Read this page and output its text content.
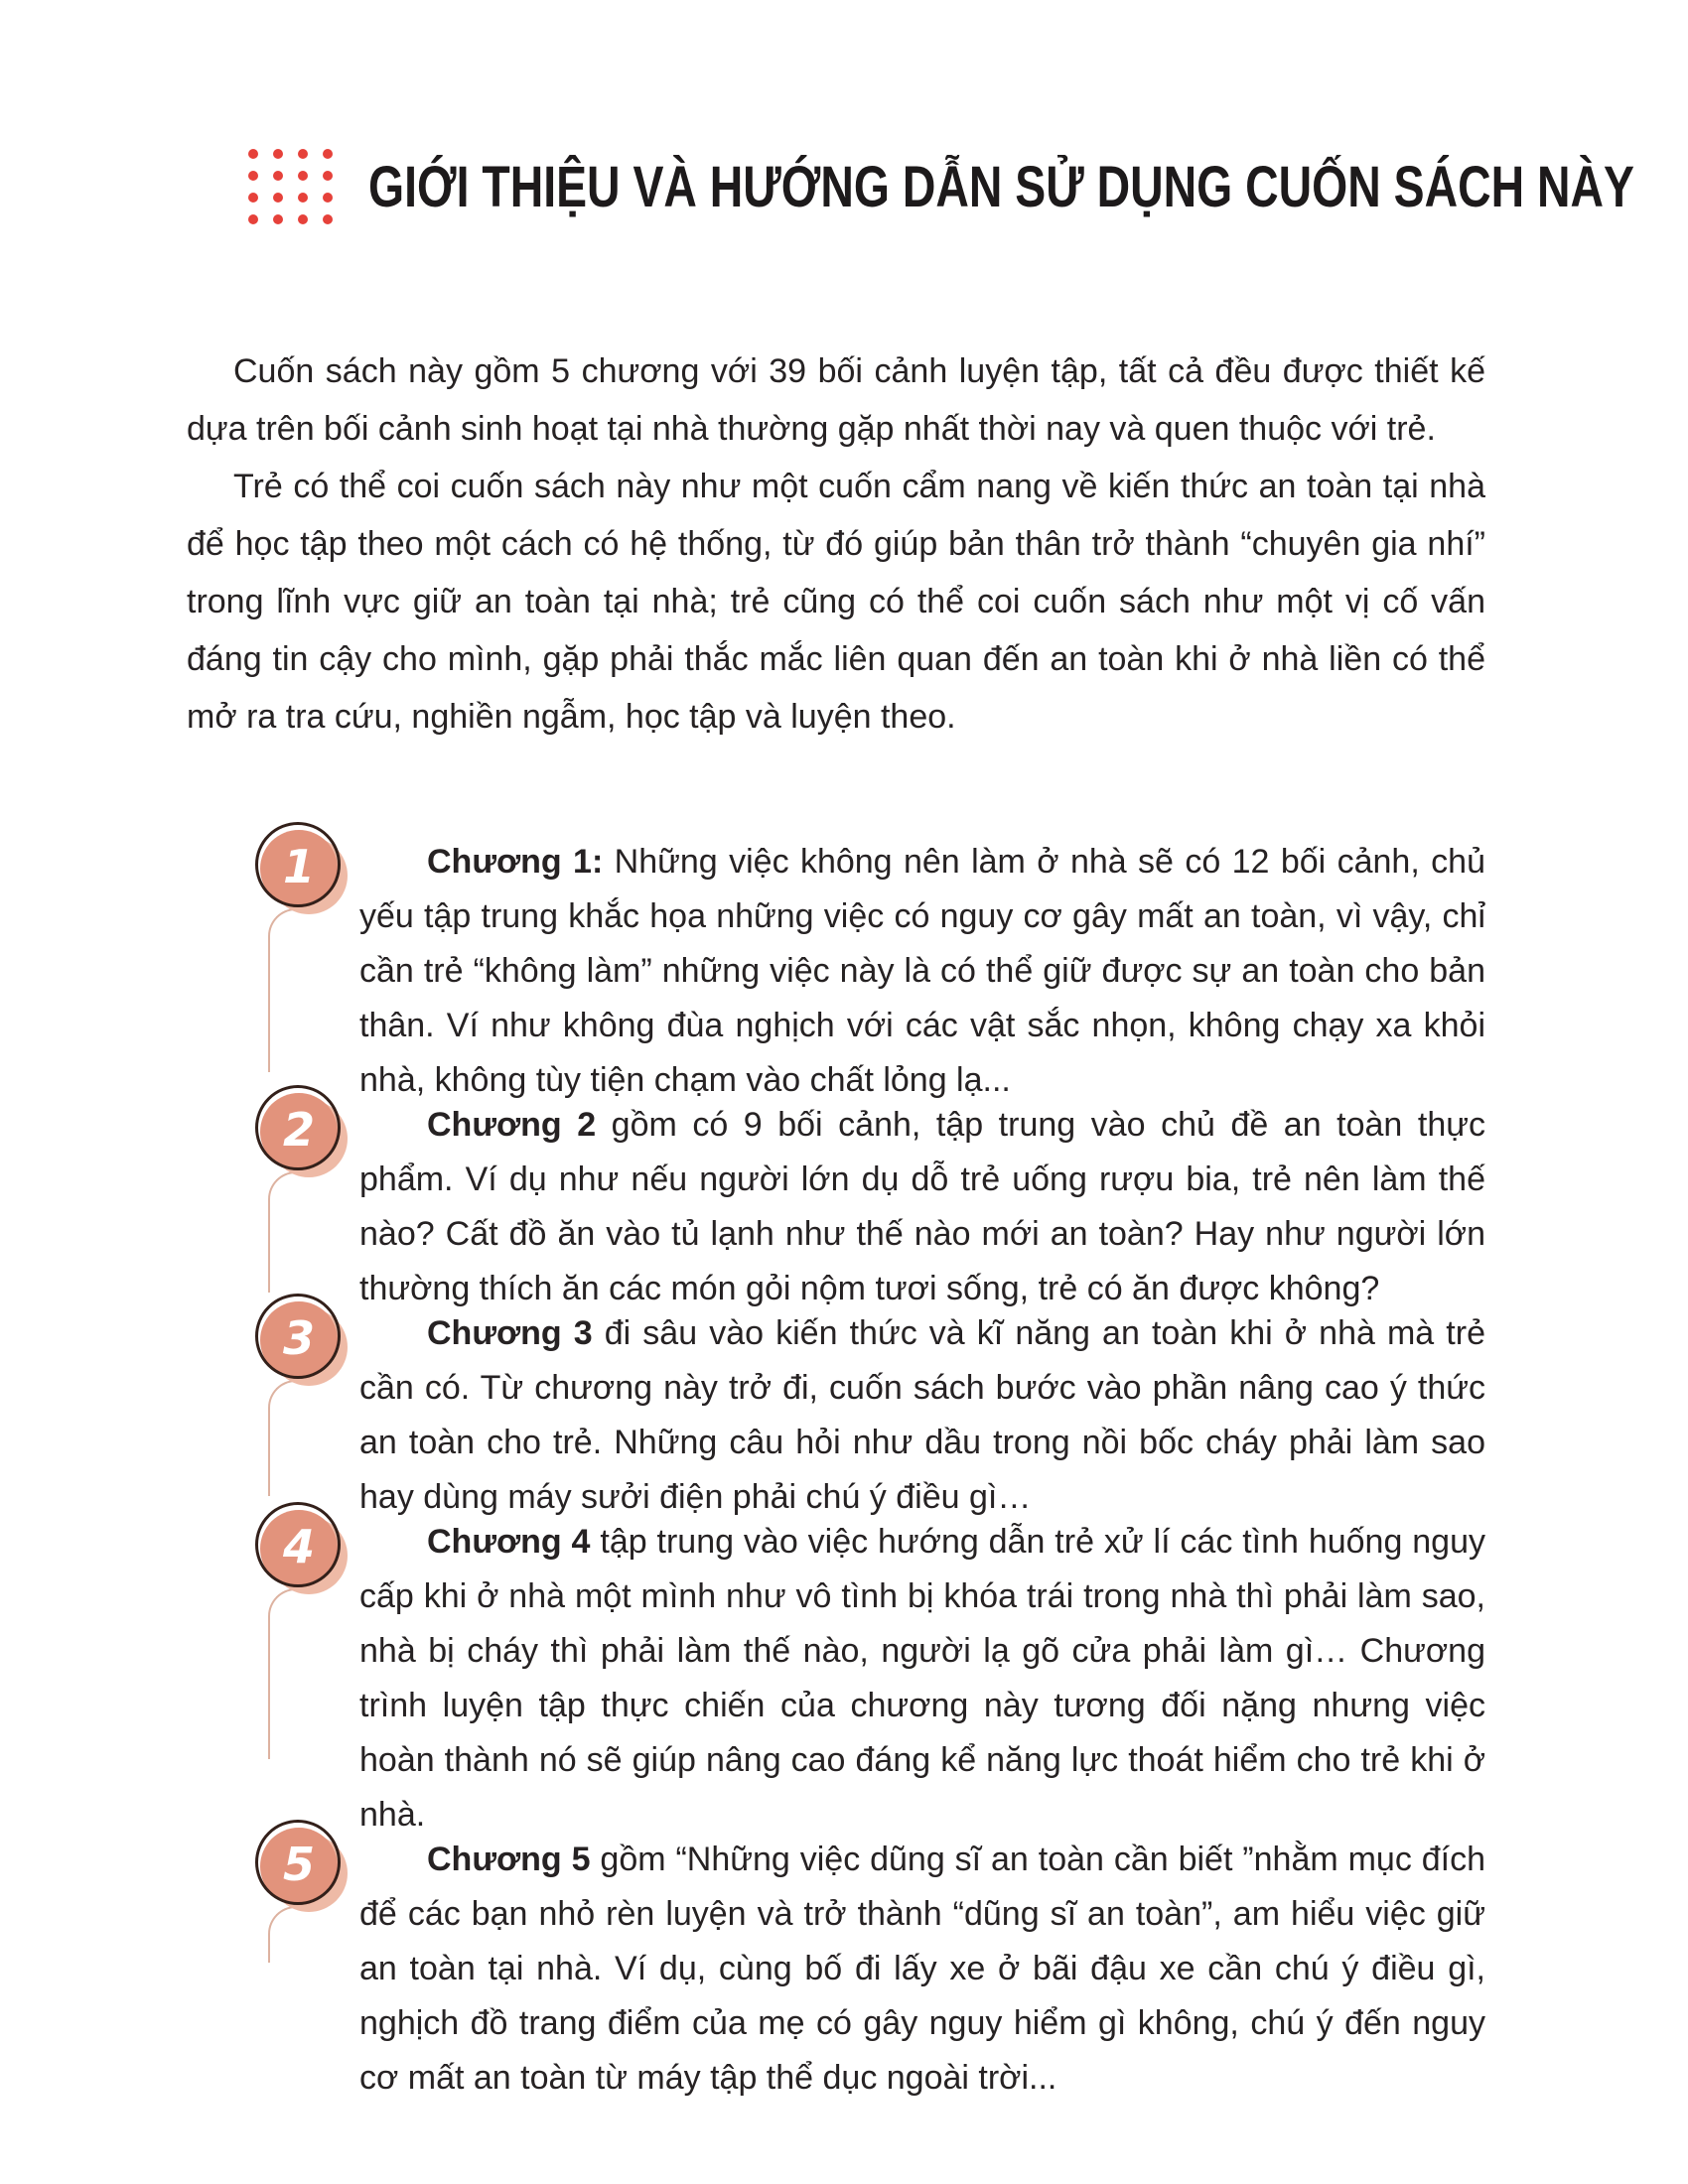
GIỚI THIỆU VÀ HƯỚNG DẪN SỬ DỤNG CUỐN SÁCH NÀY

Cuốn sách này gồm 5 chương với 39 bối cảnh luyện tập, tất cả đều được thiết kế dựa trên bối cảnh sinh hoạt tại nhà thường gặp nhất thời nay và quen thuộc với trẻ.

Trẻ có thể coi cuốn sách này như một cuốn cẩm nang về kiến thức an toàn tại nhà để học tập theo một cách có hệ thống, từ đó giúp bản thân trở thành “chuyên gia nhí” trong lĩnh vực giữ an toàn tại nhà; trẻ cũng có thể coi cuốn sách như một vị cố vấn đáng tin cậy cho mình, gặp phải thắc mắc liên quan đến an toàn khi ở nhà liền có thể mở ra tra cứu, nghiền ngẫm, học tập và luyện theo.

1	Chương 1: Những việc không nên làm ở nhà sẽ có 12 bối cảnh, chủ yếu tập trung khắc họa những việc có nguy cơ gây mất an toàn, vì vậy, chỉ cần trẻ “không làm” những việc này là có thể giữ được sự an toàn cho bản thân. Ví như không đùa nghịch với các vật sắc nhọn, không chạy xa khỏi nhà, không tùy tiện chạm vào chất lỏng lạ...
2	Chương 2 gồm có 9 bối cảnh, tập trung vào chủ đề an toàn thực phẩm. Ví dụ như nếu người lớn dụ dỗ trẻ uống rượu bia, trẻ nên làm thế nào? Cất đồ ăn vào tủ lạnh như thế nào mới an toàn? Hay như người lớn thường thích ăn các món gỏi nộm tươi sống, trẻ có ăn được không?
3	Chương 3 đi sâu vào kiến thức và kĩ năng an toàn khi ở nhà mà trẻ cần có. Từ chương này trở đi, cuốn sách bước vào phần nâng cao ý thức an toàn cho trẻ. Những câu hỏi như dầu trong nồi bốc cháy phải làm sao hay dùng máy sưởi điện phải chú ý điều gì…
4	Chương 4 tập trung vào việc hướng dẫn trẻ xử lí các tình huống nguy cấp khi ở nhà một mình như vô tình bị khóa trái trong nhà thì phải làm sao, nhà bị cháy thì phải làm thế nào, người lạ gõ cửa phải làm gì… Chương trình luyện tập thực chiến của chương này tương đối nặng nhưng việc hoàn thành nó sẽ giúp nâng cao đáng kể năng lực thoát hiểm cho trẻ khi ở nhà.
5	Chương 5 gồm “Những việc dũng sĩ an toàn cần biết ”nhằm mục đích để các bạn nhỏ rèn luyện và trở thành “dũng sĩ an toàn”, am hiểu việc giữ an toàn tại nhà. Ví dụ, cùng bố đi lấy xe ở bãi đậu xe cần chú ý điều gì, nghịch đồ trang điểm của mẹ có gây nguy hiểm gì không, chú ý đến nguy cơ mất an toàn từ máy tập thể dục ngoài trời...
